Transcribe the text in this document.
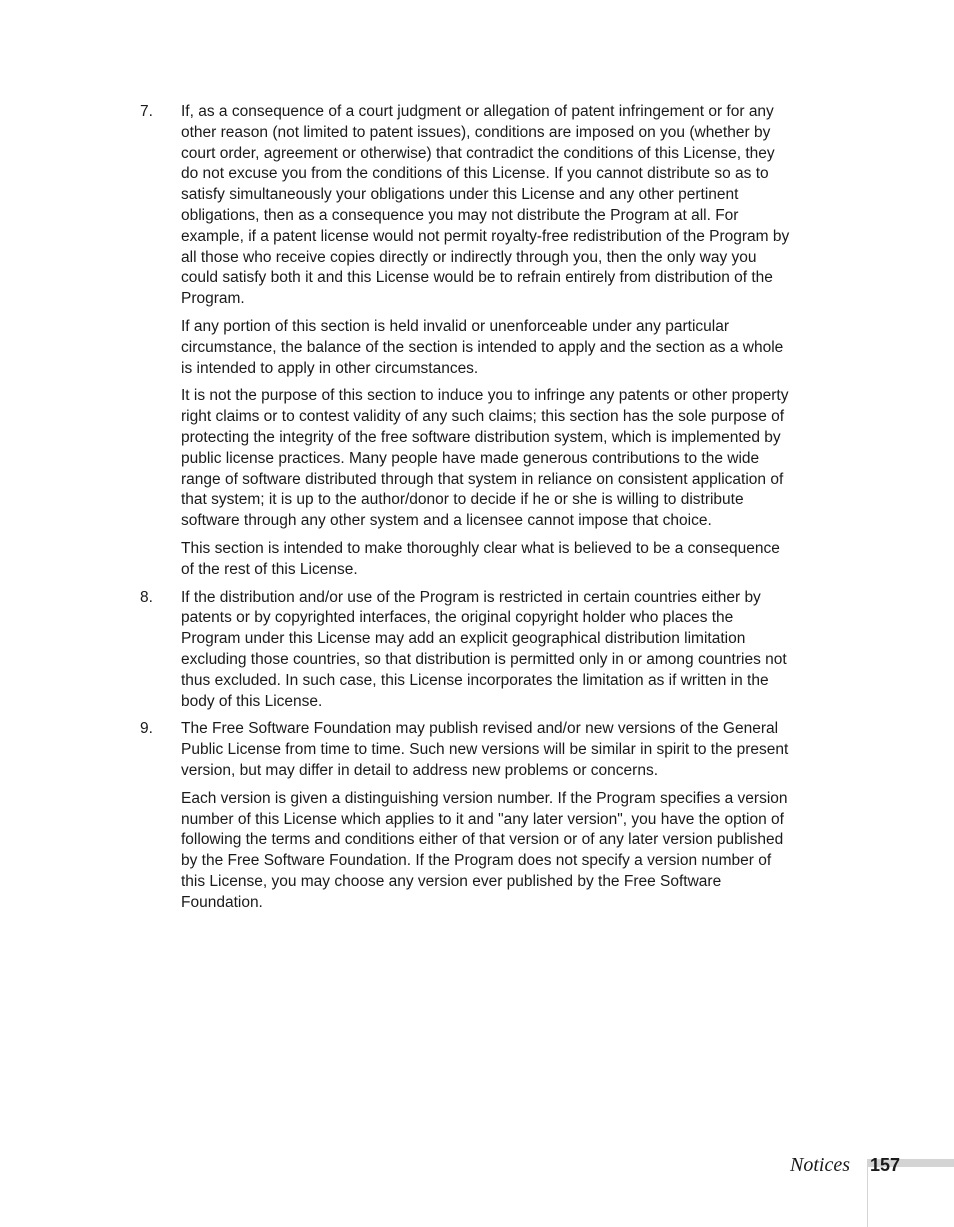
7. If, as a consequence of a court judgment or allegation of patent infringement or for any other reason (not limited to patent issues), conditions are imposed on you (whether by court order, agreement or otherwise) that contradict the conditions of this License, they do not excuse you from the conditions of this License. If you cannot distribute so as to satisfy simultaneously your obligations under this License and any other pertinent obligations, then as a consequence you may not distribute the Program at all. For example, if a patent license would not permit royalty-free redistribution of the Program by all those who receive copies directly or indirectly through you, then the only way you could satisfy both it and this License would be to refrain entirely from distribution of the Program.

If any portion of this section is held invalid or unenforceable under any particular circumstance, the balance of the section is intended to apply and the section as a whole is intended to apply in other circumstances.

It is not the purpose of this section to induce you to infringe any patents or other property right claims or to contest validity of any such claims; this section has the sole purpose of protecting the integrity of the free software distribution system, which is implemented by public license practices. Many people have made generous contributions to the wide range of software distributed through that system in reliance on consistent application of that system; it is up to the author/donor to decide if he or she is willing to distribute software through any other system and a licensee cannot impose that choice.

This section is intended to make thoroughly clear what is believed to be a consequence of the rest of this License.

8. If the distribution and/or use of the Program is restricted in certain countries either by patents or by copyrighted interfaces, the original copyright holder who places the Program under this License may add an explicit geographical distribution limitation excluding those countries, so that distribution is permitted only in or among countries not thus excluded. In such case, this License incorporates the limitation as if written in the body of this License.

9. The Free Software Foundation may publish revised and/or new versions of the General Public License from time to time. Such new versions will be similar in spirit to the present version, but may differ in detail to address new problems or concerns.

Each version is given a distinguishing version number. If the Program specifies a version number of this License which applies to it and "any later version", you have the option of following the terms and conditions either of that version or of any later version published by the Free Software Foundation. If the Program does not specify a version number of this License, you may choose any version ever published by the Free Software Foundation.

Notices 157
